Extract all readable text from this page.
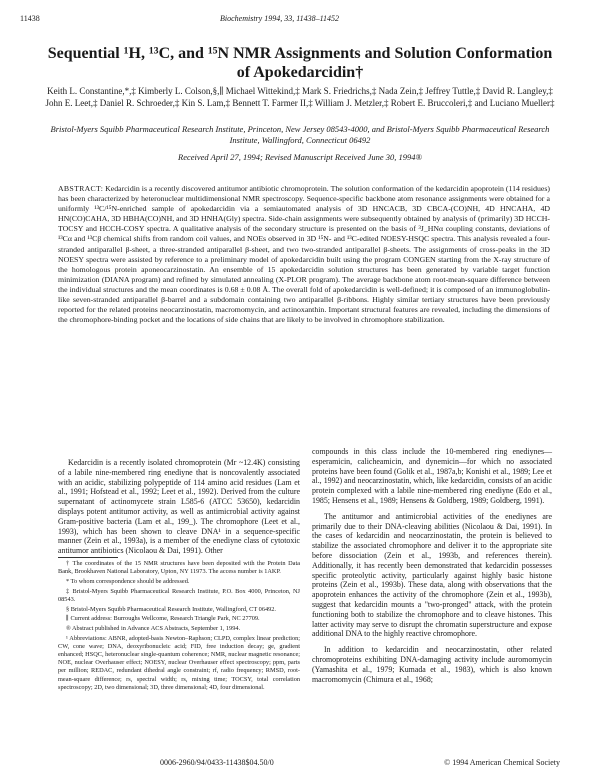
11438	Biochemistry 1994, 33, 11438–11452
Sequential ¹H, ¹³C, and ¹⁵N NMR Assignments and Solution Conformation of Apokedarcidin†
Keith L. Constantine,*,‡ Kimberly L. Colson,§,∥ Michael Wittekind,‡ Mark S. Friedrichs,‡ Nada Zein,‡ Jeffrey Tuttle,‡ David R. Langley,‡ John E. Leet,‡ Daniel R. Schroeder,‡ Kin S. Lam,‡ Bennett T. Farmer II,‡ William J. Metzler,‡ Robert E. Bruccoleri,‡ and Luciano Mueller‡
Bristol-Myers Squibb Pharmaceutical Research Institute, Princeton, New Jersey 08543-4000, and Bristol-Myers Squibb Pharmaceutical Research Institute, Wallingford, Connecticut 06492
Received April 27, 1994; Revised Manuscript Received June 30, 1994®
ABSTRACT: Kedarcidin is a recently discovered antitumor antibiotic chromoprotein. The solution conformation of the kedarcidin apoprotein (114 residues) has been characterized by heteronuclear multidimensional NMR spectroscopy. Sequence-specific backbone atom resonance assignments were obtained for a uniformly ¹³C/¹⁵N-enriched sample of apokedarcidin via a semiautomated analysis of 3D HNCACB, 3D CBCA-(CO)NH, 4D HNCAHA, 4D HN(CO)CAHA, 3D HBHA(CO)NH, and 3D HNHA(Gly) spectra. Side-chain assignments were subsequently obtained by analysis of (primarily) 3D HCCH-TOCSY and HCCH-COSY spectra. A qualitative analysis of the secondary structure is presented on the basis of ³J_HNα coupling constants, deviations of ¹³Cα and ¹³Cβ chemical shifts from random coil values, and NOEs observed in 3D ¹⁵N- and ¹³C-edited NOESY-HSQC spectra. This analysis revealed a four-stranded antiparallel β-sheet, a three-stranded antiparallel β-sheet, and two two-stranded antiparallel β-sheets. The assignments of cross-peaks in the 3D NOESY spectra were assisted by reference to a preliminary model of apokedarcidin built using the program CONGEN starting from the X-ray structure of the homologous protein aponeocarzinostatin. An ensemble of 15 apokedarcidin solution structures has been generated by variable target function minimization (DIANA program) and refined by simulated annealing (X-PLOR program). The average backbone atom root-mean-square difference between the individual structures and the mean coordinates is 0.68 ± 0.08 Å. The overall fold of apokedarcidin is well-defined; it is composed of an immunoglobulin-like seven-stranded antiparallel β-barrel and a subdomain containing two antiparallel β-ribbons. Highly similar tertiary structures have been previously reported for the related proteins neocarzinostatin, macromomycin, and actinoxanthin. Important structural features are revealed, including the dimensions of the chromophore-binding pocket and the locations of side chains that are likely to be involved in chromophore stabilization.

Kedarcidin is a recently isolated chromoprotein (Mr ~12.4K) consisting of a labile nine-membered ring enediyne that is noncovalently associated with an acidic, stabilizing polypeptide of 114 amino acid residues (Lam et al., 1991; Hofstead et al., 1992; Leet et al., 1992). Derived from the culture supernatant of actinomycete strain L585-6 (ATCC 53650), kedarcidin displays potent antitumor activity, as well as antimicrobial activity against Gram-positive bacteria (Lam et al., 199_). The chromophore (Leet et al., 1993), which has been shown to cleave DNA¹ in a sequence-specific manner (Zein et al., 1993a), is a member of the enediyne class of cytotoxic antitumor antibiotics (Nicolaou & Dai, 1991). Other

compounds in this class include the 10-membered ring enediynes—esperamicin, calicheamicin, and dynemicin—for which no associated proteins have been found (Golik et al., 1987a,b; Konishi et al., 1989; Lee et al., 1992) and neocarzinostatin, which, like kedarcidin, consists of an acidic protein complexed with a labile nine-membered ring enediyne (Edo et al., 1985; Hensens et al., 1989; Hensens & Goldberg, 1989; Goldberg, 1991).

The antitumor and antimicrobial activities of the enediynes are primarily due to their DNA-cleaving abilities (Nicolaou & Dai, 1991). In the cases of kedarcidin and neocarzinostatin, the protein is believed to stabilize the associated chromophore and deliver it to the appropriate site before dissociation (Zein et al., 1993b, and references therein). Additionally, it has recently been demonstrated that kedarcidin possesses specific proteolytic activity, particularly against highly basic histone proteins (Zein et al., 1993b). These data, along with observations that the apoprotein enhances the activity of the chromophore (Zein et al., 1993b), suggest that kedarcidin mounts a "two-pronged" attack, with the protein functioning both to stabilize the chromophore and to cleave histones. This latter activity may serve to disrupt the chromatin superstructure and expose additional DNA to the highly reactive chromophore.

In addition to kedarcidin and neocarzinostatin, other related chromoproteins exhibiting DNA-damaging activity include auromomycin (Yamashita et al., 1979; Kumada et al., 1983), which is also known macromomycin (Chimura et al., 1968;

† The coordinates of the 15 NMR structures have been deposited with the Protein Data Bank, Brookhaven National Laboratory, Upton, NY 11973. The access number is 1AKP.

* To whom correspondence should be addressed.

‡ Bristol-Myers Squibb Pharmaceutical Research Institute, P.O. Box 4000, Princeton, NJ 08543.

§ Bristol-Myers Squibb Pharmaceutical Research Institute, Wallingford, CT 06492.

∥ Current address: Burroughs Wellcome, Research Triangle Park, NC 27709.

® Abstract published in Advance ACS Abstracts, September 1, 1994.

¹ Abbreviations: ABNR, adopted-basis Newton–Raphson; CLPD, complex linear prediction; CW, cone wave; DNA, deoxyribonucleic acid; FID, free induction decay; ge, gradient enhanced; HSQC, heteronuclear single-quantum coherence; NMR, nuclear magnetic resonance; NOE, nuclear Overhauser effect; NOESY, nuclear Overhauser effect spectroscopy; ppm, parts per million; REDAC, redundant dihedral angle constraint; rf, radio frequency; RMSD, root-mean-square difference; rs, spectral width; rs, mixing time; TOCSY, total correlation spectroscopy; 2D, two dimensional; 3D, three dimensional; 4D, four dimensional.

0006-2960/94/0433-11438$04.50/0	© 1994 American Chemical Society
